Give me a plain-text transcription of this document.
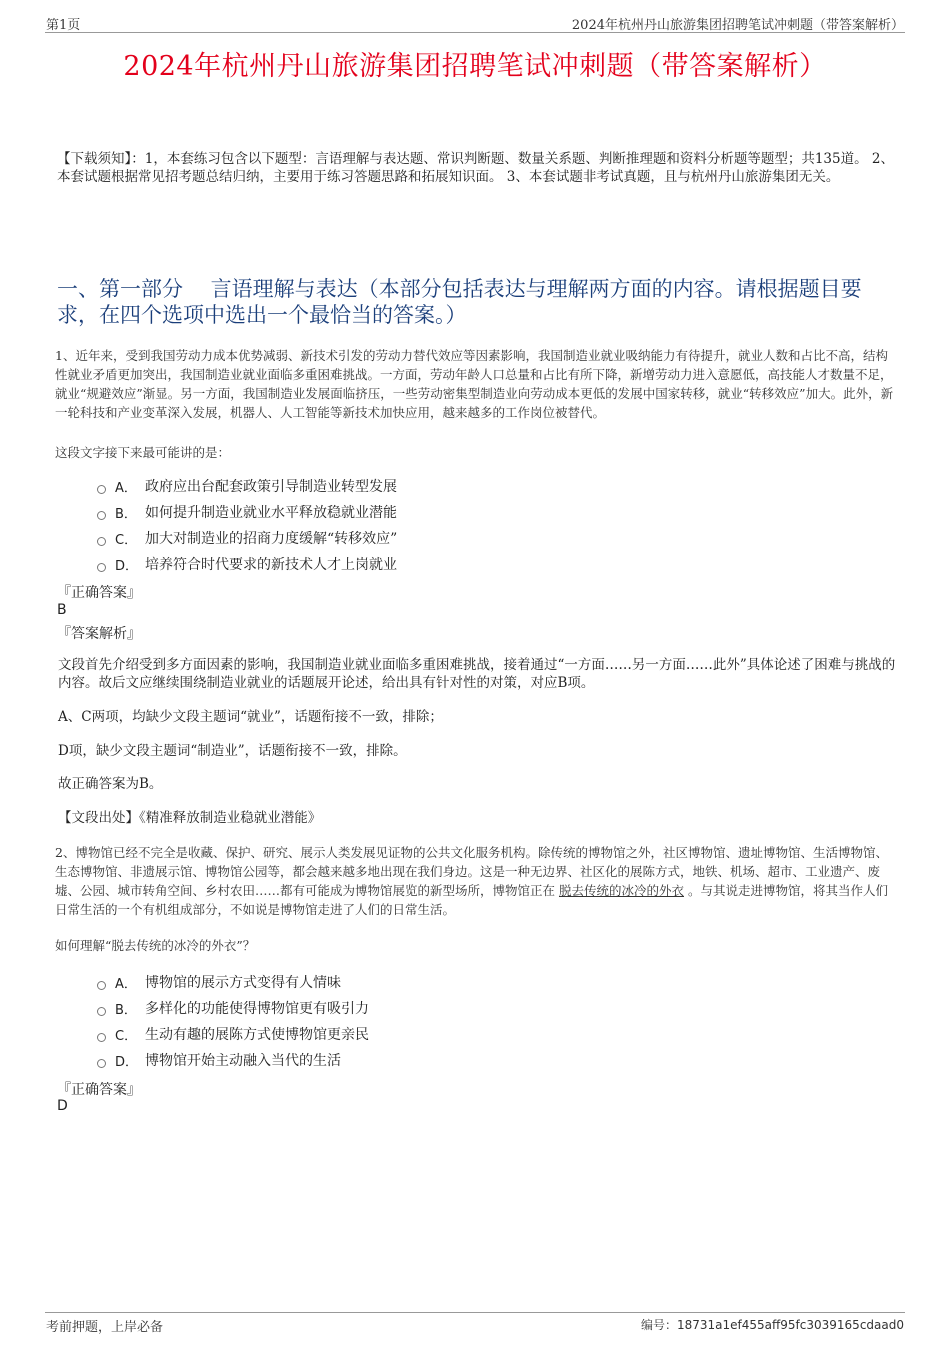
第1页	2024年杭州丹山旅游集团招聘笔试冲刺题（带答案解析）
2024年杭州丹山旅游集团招聘笔试冲刺题（带答案解析）
【下载须知】：1，本套练习包含以下题型：言语理解与表达题、常识判断题、数量关系题、判断推理题和资料分析题等题型；共135道。 2、本套试题根据常见招考题总结归纳，主要用于练习答题思路和拓展知识面。 3、本套试题非考试真题，且与杭州丹山旅游集团无关。
一、第一部分　 言语理解与表达（本部分包括表达与理解两方面的内容。请根据题目要求，在四个选项中选出一个最恰当的答案。）
1、近年来，受到我国劳动力成本优势减弱、新技术引发的劳动力替代效应等因素影响，我国制造业就业吸纳能力有待提升，就业人数和占比不高，结构性就业矛盾更加突出，我国制造业就业面临多重困难挑战。一方面，劳动年龄人口总量和占比有所下降，新增劳动力进入意愿低，高技能人才数量不足，就业“规避效应”渐显。另一方面，我国制造业发展面临挤压，一些劳动密集型制造业向劳动成本更低的发展中国家转移，就业“转移效应”加大。此外，新一轮科技和产业变革深入发展，机器人、人工智能等新技术加快应用，越来越多的工作岗位被替代。
这段文字接下来最可能讲的是：
A． 政府应出台配套政策引导制造业转型发展
B． 如何提升制造业就业水平释放稳就业潜能
C． 加大对制造业的招商力度缓解“转移效应”
D． 培养符合时代要求的新技术人才上岗就业
『正确答案』
B
『答案解析』
文段首先介绍受到多方面因素的影响，我国制造业就业面临多重困难挑战，接着通过“一方面……另一方面……此外”具体论述了困难与挑战的内容。故后文应继续围绕制造业就业的话题展开论述，给出具有针对性的对策，对应B项。
A、C两项，均缺少文段主题词“就业”，话题衔接不一致，排除；
D项，缺少文段主题词“制造业”，话题衔接不一致，排除。
故正确答案为B。
【文段出处】《精准释放制造业稳就业潜能》
2、博物馆已经不完全是收藏、保护、研究、展示人类发展见证物的公共文化服务机构。除传统的博物馆之外，社区博物馆、遗址博物馆、生活博物馆、生态博物馆、非遗展示馆、博物馆公园等，都会越来越多地出现在我们身边。这是一种无边界、社区化的展陈方式，地铁、机场、超市、工业遗产、废墟、公园、城市转角空间、乡村农田……都有可能成为博物馆展览的新型场所，博物馆正在 脱去传统的冰冷的外衣 。与其说走进博物馆，将其当作人们日常生活的一个有机组成部分，不如说是博物馆走进了人们的日常生活。
如何理解“脱去传统的冰冷的外衣”？
A． 博物馆的展示方式变得有人情味
B． 多样化的功能使得博物馆更有吸引力
C． 生动有趣的展陈方式使博物馆更亲民
D． 博物馆开始主动融入当代的生活
『正确答案』
D
考前押题，上岸必备	编号：18731a1ef455aff95fc3039165cdaad0
